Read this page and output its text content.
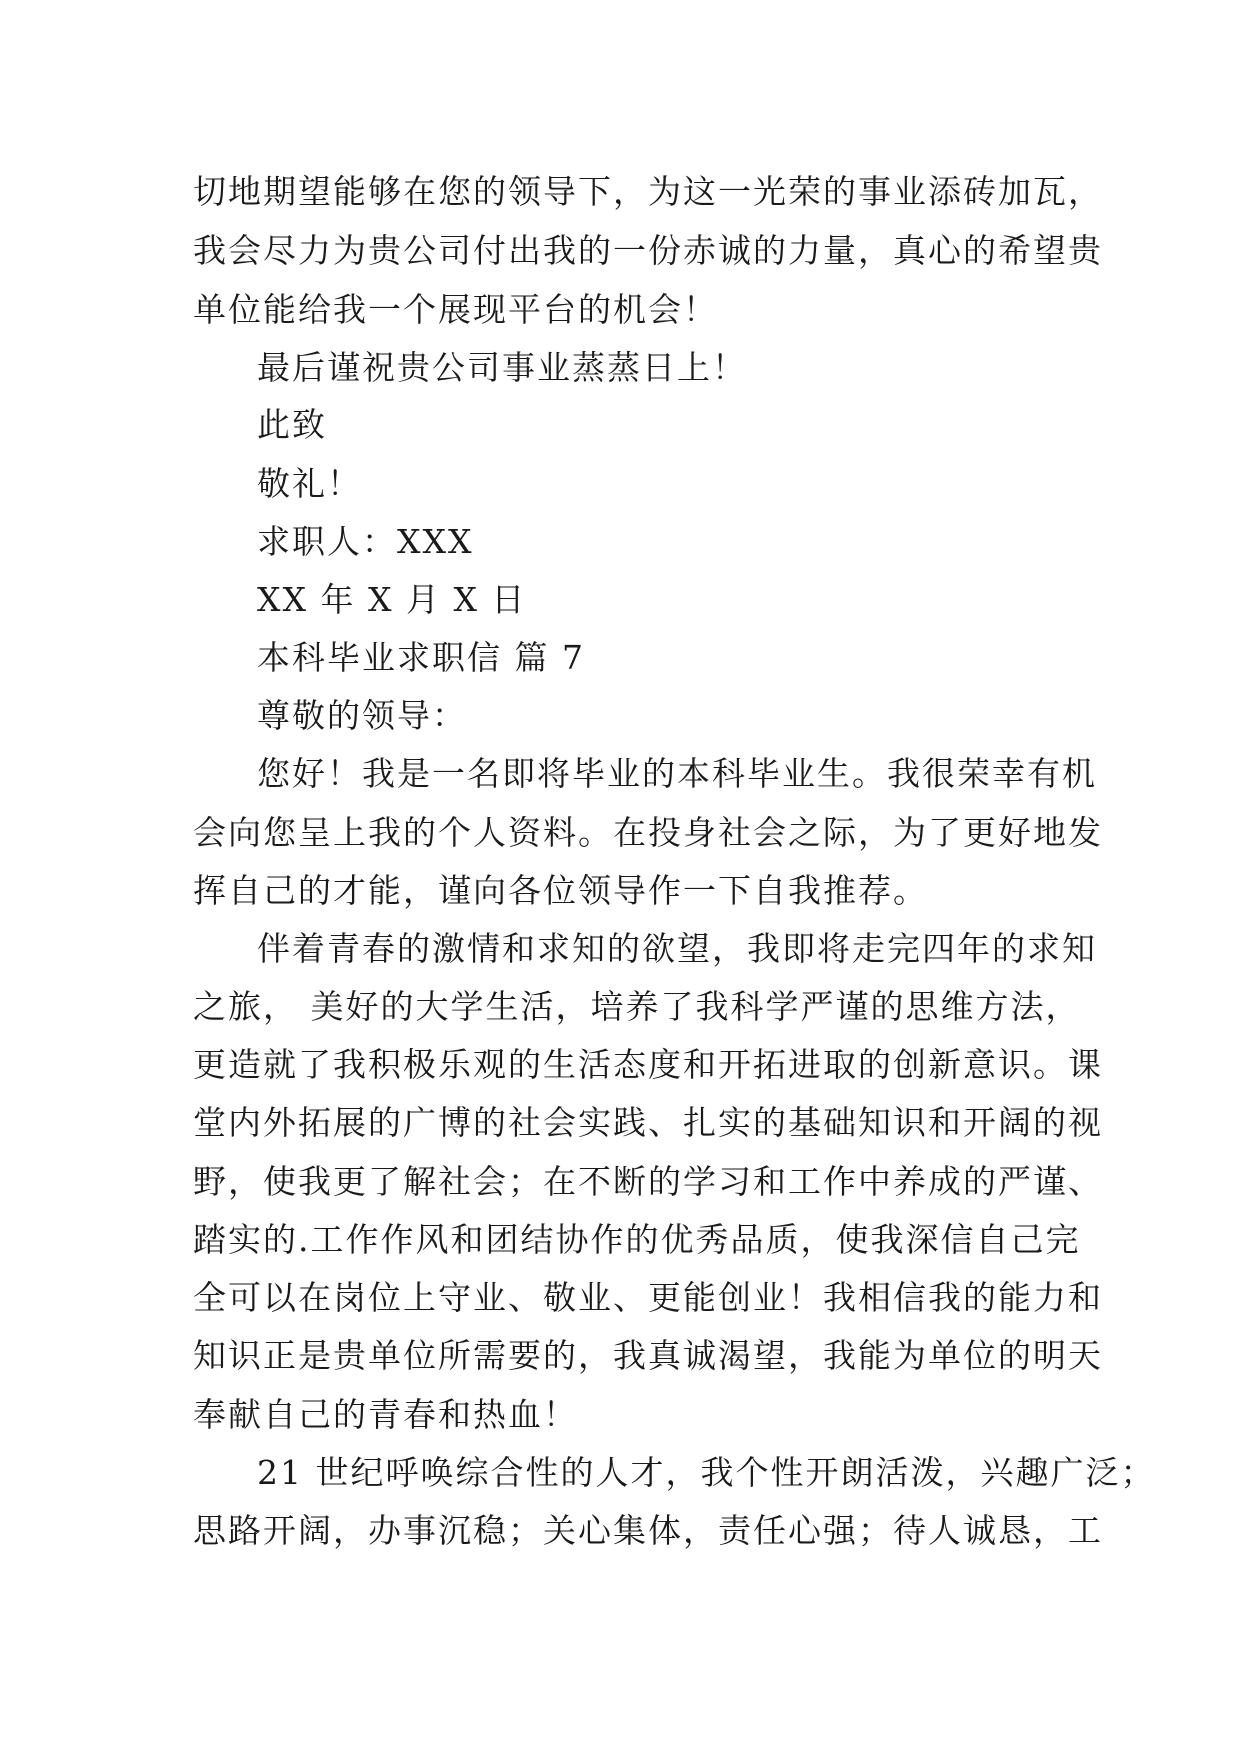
切地期望能够在您的领导下，为这一光荣的事业添砖加瓦，
我会尽力为贵公司付出我的一份赤诚的力量，真心的希望贵
单位能给我一个展现平台的机会！
最后谨祝贵公司事业蒸蒸日上！
此致
敬礼！
求职人：XXX
XX 年 X 月 X 日
本科毕业求职信 篇 7
尊敬的领导：
您好！我是一名即将毕业的本科毕业生。我很荣幸有机
会向您呈上我的个人资料。在投身社会之际，为了更好地发
挥自己的才能，谨向各位领导作一下自我推荐。
伴着青春的激情和求知的欲望，我即将走完四年的求知
之旅， 美好的大学生活，培养了我科学严谨的思维方法，
更造就了我积极乐观的生活态度和开拓进取的创新意识。课
堂内外拓展的广博的社会实践、扎实的基础知识和开阔的视
野，使我更了解社会；在不断的学习和工作中养成的严谨、
踏实的.工作作风和团结协作的优秀品质，使我深信自己完
全可以在岗位上守业、敬业、更能创业！我相信我的能力和
知识正是贵单位所需要的，我真诚渴望，我能为单位的明天
奉献自己的青春和热血！
21 世纪呼唤综合性的人才，我个性开朗活泼，兴趣广泛；
思路开阔，办事沉稳；关心集体，责任心强；待人诚恳，工
